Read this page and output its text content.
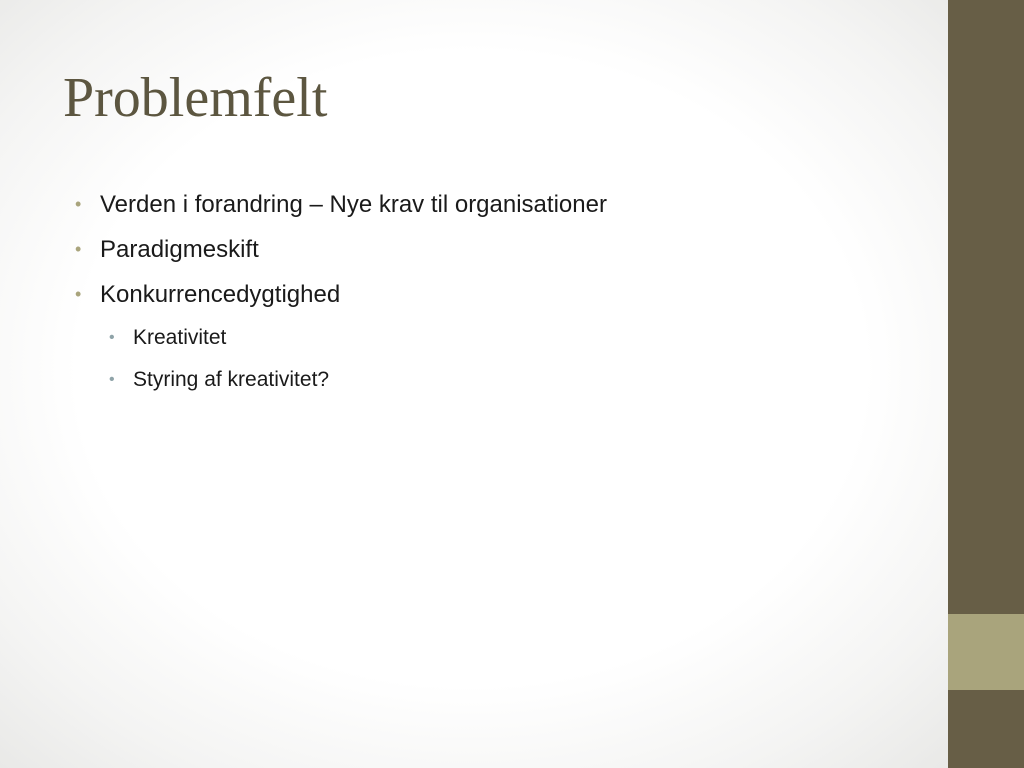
Problemfelt
• Verden i forandring – Nye krav til organisationer
• Paradigmeskift
• Konkurrencedygtighed
• Kreativitet
• Styring af kreativitet?
